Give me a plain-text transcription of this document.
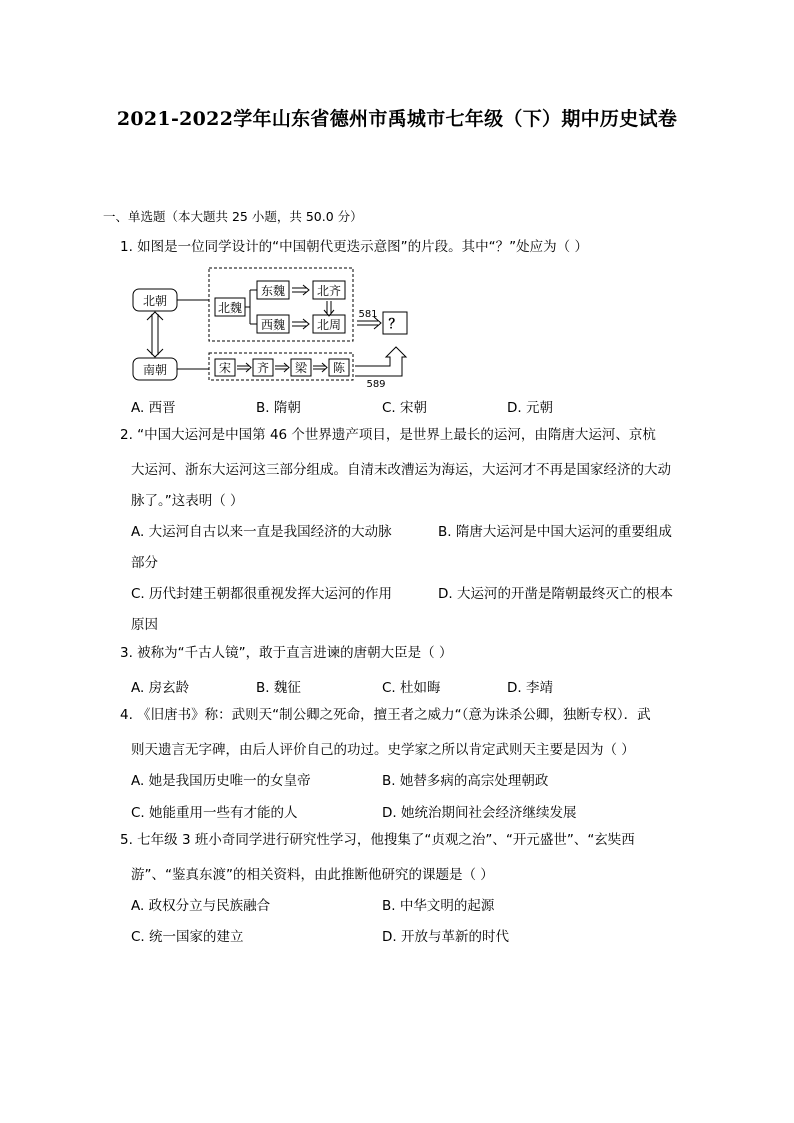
2021-2022学年山东省德州市禹城市七年级（下）期中历史试卷
一、单选题（本大题共 25 小题，共 50.0 分）
1. 如图是一位同学设计的“中国朝代更迭示意图”的片段。其中“？”处应为（ ）
北朝
南朝
北魏
东魏	北齐
西魏	北周
581
？
宋 齐 梁 陈
589
A. 西晋	B. 隋朝	C. 宋朝	D. 元朝
2. “中国大运河是中国第 46 个世界遗产项目，是世界上最长的运河，由隋唐大运河、京杭
大运河、浙东大运河这三部分组成。自清末改漕运为海运，大运河才不再是国家经济的大动
脉了。”这表明（ ）
A. 大运河自古以来一直是我国经济的大动脉	B. 隋唐大运河是中国大运河的重要组成
部分
C. 历代封建王朝都很重视发挥大运河的作用	D. 大运河的开凿是隋朝最终灭亡的根本
原因
3. 被称为“千古人镜”，敢于直言进谏的唐朝大臣是（ ）
A. 房玄龄	B. 魏征	C. 杜如晦	D. 李靖
4. 《旧唐书》称：武则天“制公卿之死命，擅王者之威力“（意为诛杀公卿，独断专权）．武
则天遗言无字碑，由后人评价自己的功过。史学家之所以肯定武则天主要是因为（ ）
A. 她是我国历史唯一的女皇帝	B. 她替多病的高宗处理朝政
C. 她能重用一些有才能的人	D. 她统治期间社会经济继续发展
5. 七年级 3 班小奇同学进行研究性学习，他搜集了“贞观之治”、“开元盛世”、“玄奘西
游”、“鉴真东渡”的相关资料，由此推断他研究的课题是（ ）
A. 政权分立与民族融合	B. 中华文明的起源
C. 统一国家的建立	D. 开放与革新的时代
